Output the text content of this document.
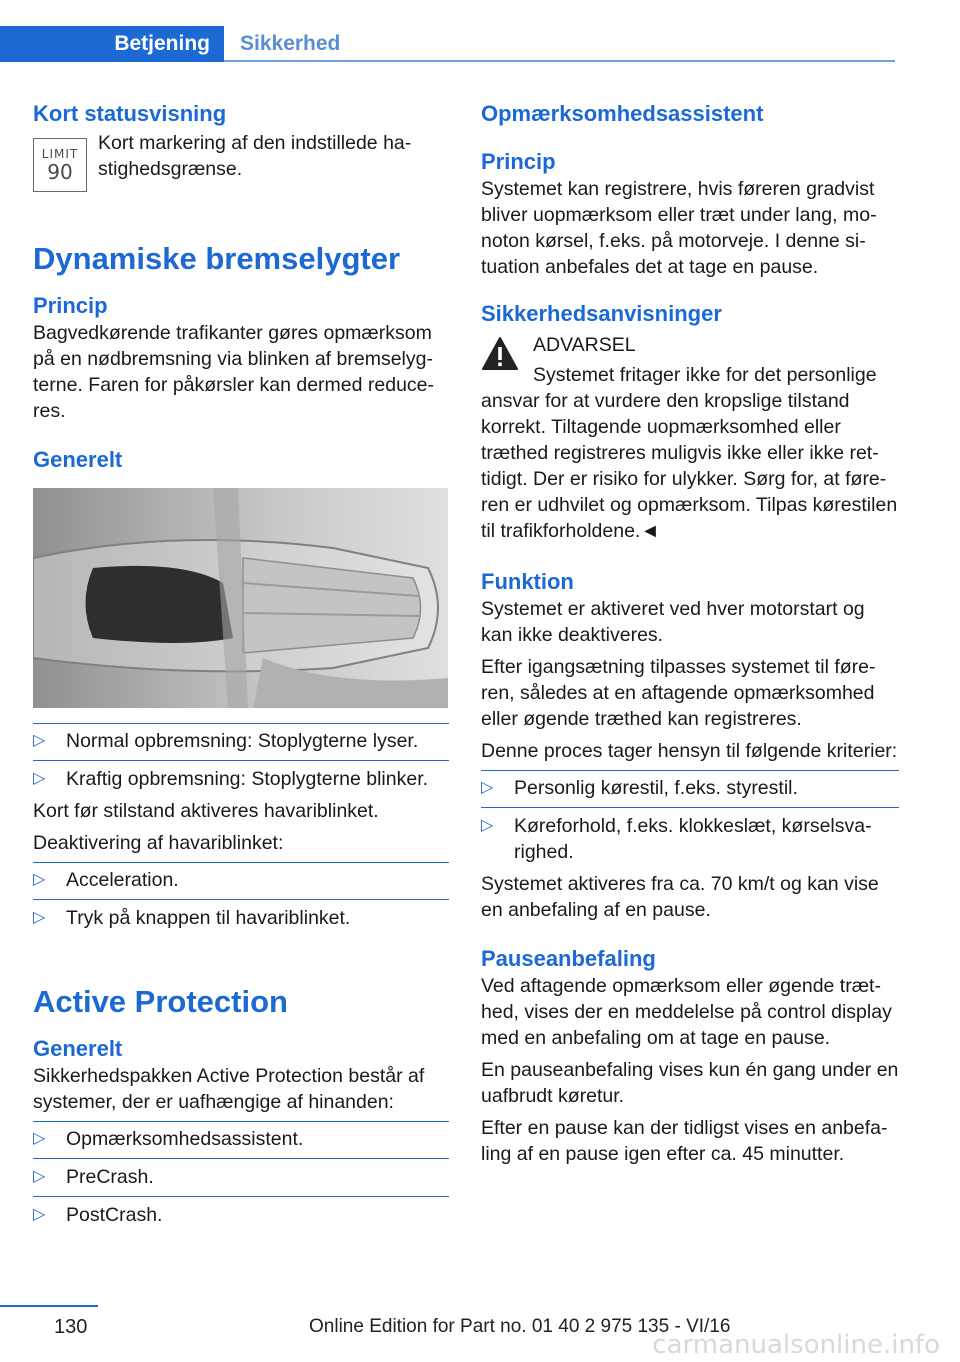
Betjening	Sikkerhed
Kort statusvisning
LIMIT
90

Kort markering af den indstillede hastighedsgrænse.

Dynamiske bremselygter
Princip

Bagvedkørende trafikanter gøres opmærksom på en nødbremsning via blinken af bremselygterne. Faren for påkørsler kan dermed reduceres.

Generelt
▷
Normal opbremsning: Stoplygterne lyser.
▷
Kraftig opbremsning: Stoplygterne blinker.

Kort før stilstand aktiveres havariblinket.

Deaktivering af havariblinket:

▷
Acceleration.
▷
Tryk på knappen til havariblinket.
Active Protection
Generelt

Sikkerhedspakken Active Protection består af systemer, der er uafhængige af hinanden:

▷
Opmærksomhedsassistent.
▷
PreCrash.
▷
PostCrash.
Opmærksomhedsassistent
Princip

Systemet kan registrere, hvis føreren gradvist bliver uopmærksom eller træt under lang, monoton kørsel, f.eks. på motorveje. I denne situation anbefales det at tage en pause.

Sikkerhedsanvisninger

ADVARSEL

Systemet fritager ikke for det personlige

ansvar for at vurdere den kropslige tilstand korrekt. Tiltagende uopmærksomhed eller træthed registreres muligvis ikke eller ikke rettidigt. Der er risiko for ulykker. Sørg for, at føreren er udhvilet og opmærksom. Tilpas kørestilen til trafikforholdene.◄

Funktion

Systemet er aktiveret ved hver motorstart og kan ikke deaktiveres.

Efter igangsætning tilpasses systemet til føreren, således at en aftagende opmærksomhed eller øgende træthed kan registreres.

Denne proces tager hensyn til følgende kriterier:

▷
Personlig kørestil, f.eks. styrestil.
▷
Køreforhold, f.eks. klokkeslæt, kørselsvarighed.

Systemet aktiveres fra ca. 70 km/t og kan vise en anbefaling af en pause.

Pauseanbefaling

Ved aftagende opmærksom eller øgende træthed, vises der en meddelelse på control display med en anbefaling om at tage en pause.

En pauseanbefaling vises kun én gang under en uafbrudt køretur.

Efter en pause kan der tidligst vises en anbefaling af en pause igen efter ca. 45 minutter.

130	Online Edition for Part no. 01 40 2 975 135 - VI/16
carmanualsonline.info
